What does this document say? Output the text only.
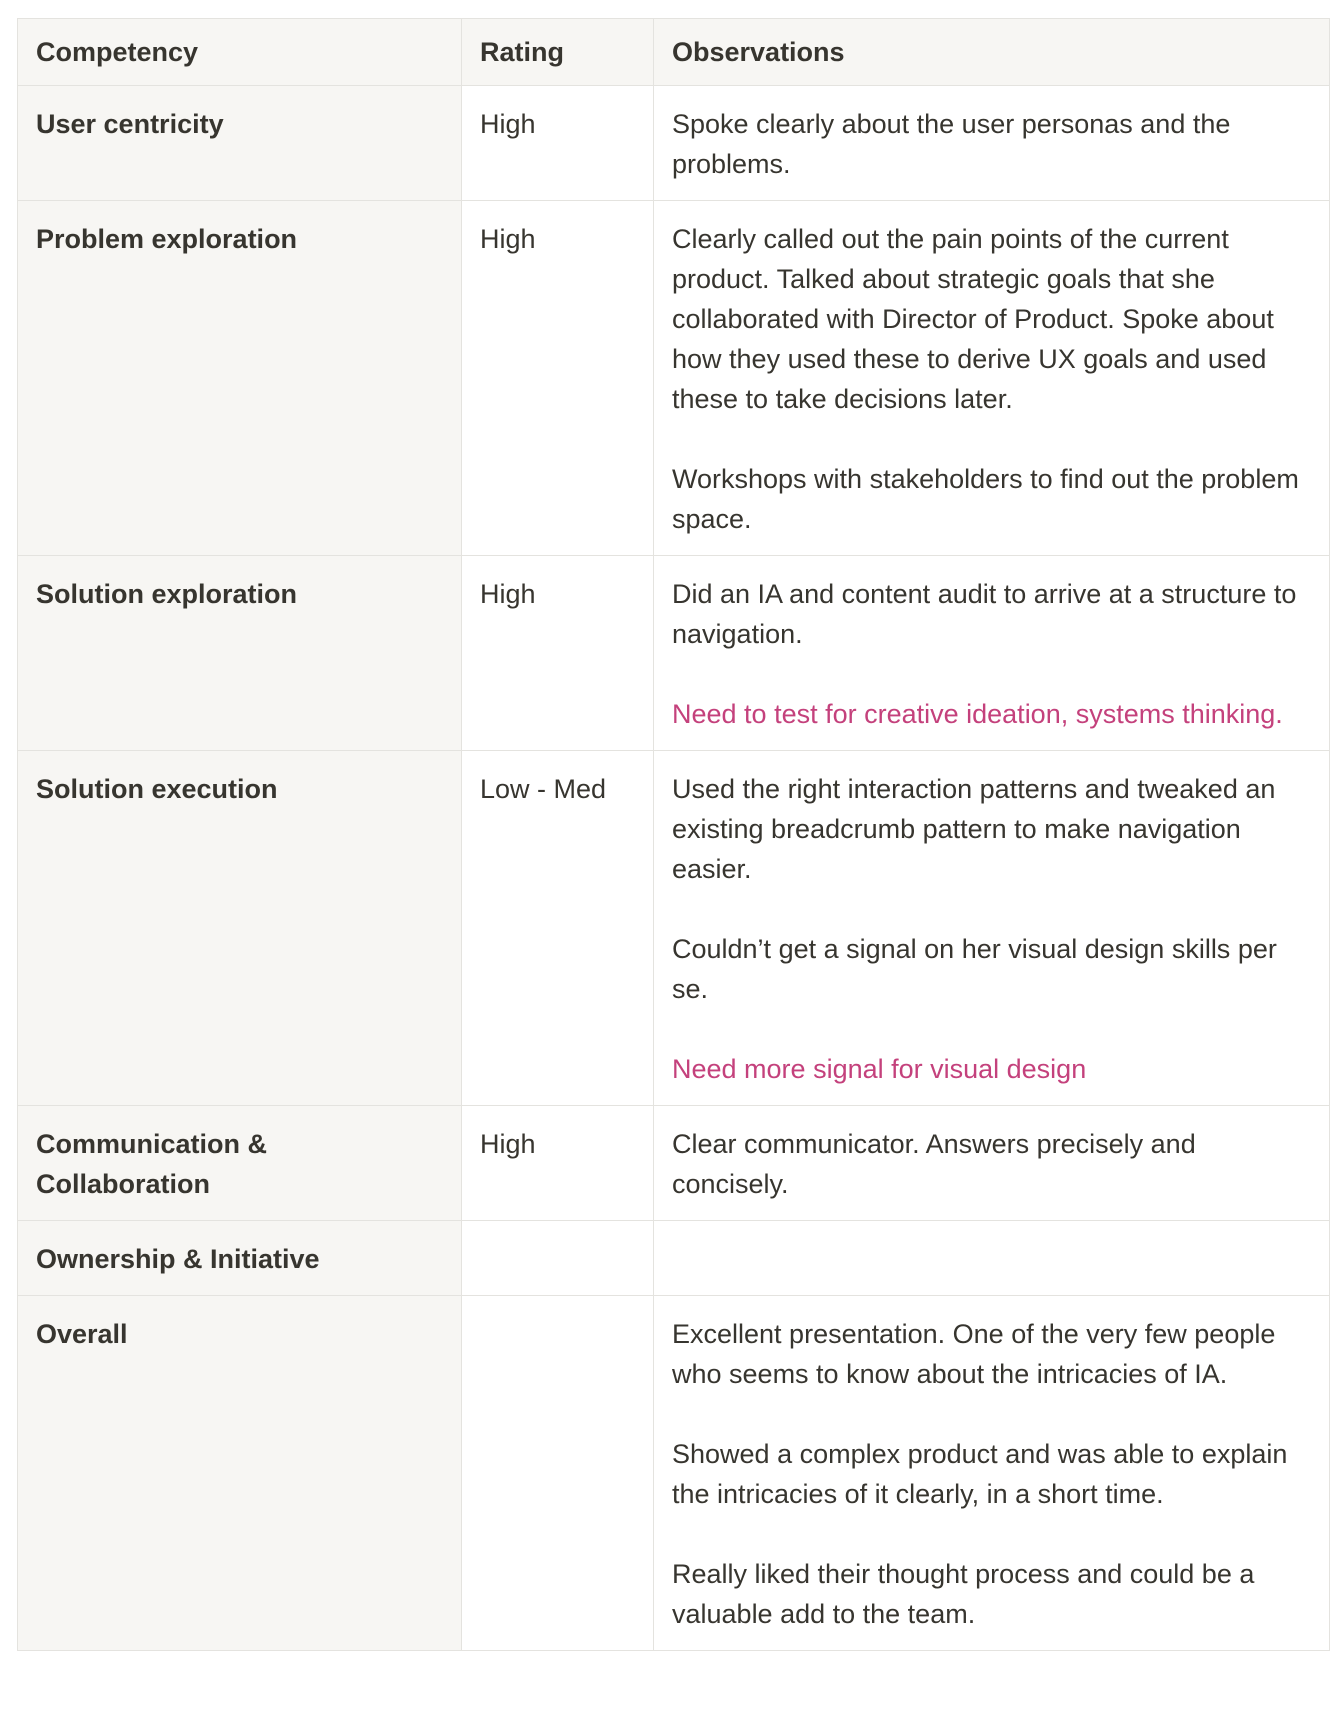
Competency	Rating	Observations
User centricity	High	Spoke clearly about the user personas and the problems.

Problem exploration	High	Clearly called out the pain points of the current product. Talked about strategic goals that she collaborated with Director of Product. Spoke about how they used these to derive UX goals and used these to take decisions later.
Workshops with stakeholders to find out the problem space.

Solution exploration	High	Did an IA and content audit to arrive at a structure to navigation.
Need to test for creative ideation, systems thinking.

Solution execution	Low - Med	Used the right interaction patterns and tweaked an existing breadcrumb pattern to make navigation easier.
Couldn’t get a signal on her visual design skills per se.
Need more signal for visual design

Communication & Collaboration	High	Clear communicator. Answers precisely and concisely.

Ownership & Initiative		
Overall		Excellent presentation. One of the very few people who seems to know about the intricacies of IA.
Showed a complex product and was able to explain the intricacies of it clearly, in a short time.
Really liked their thought process and could be a valuable add to the team.
